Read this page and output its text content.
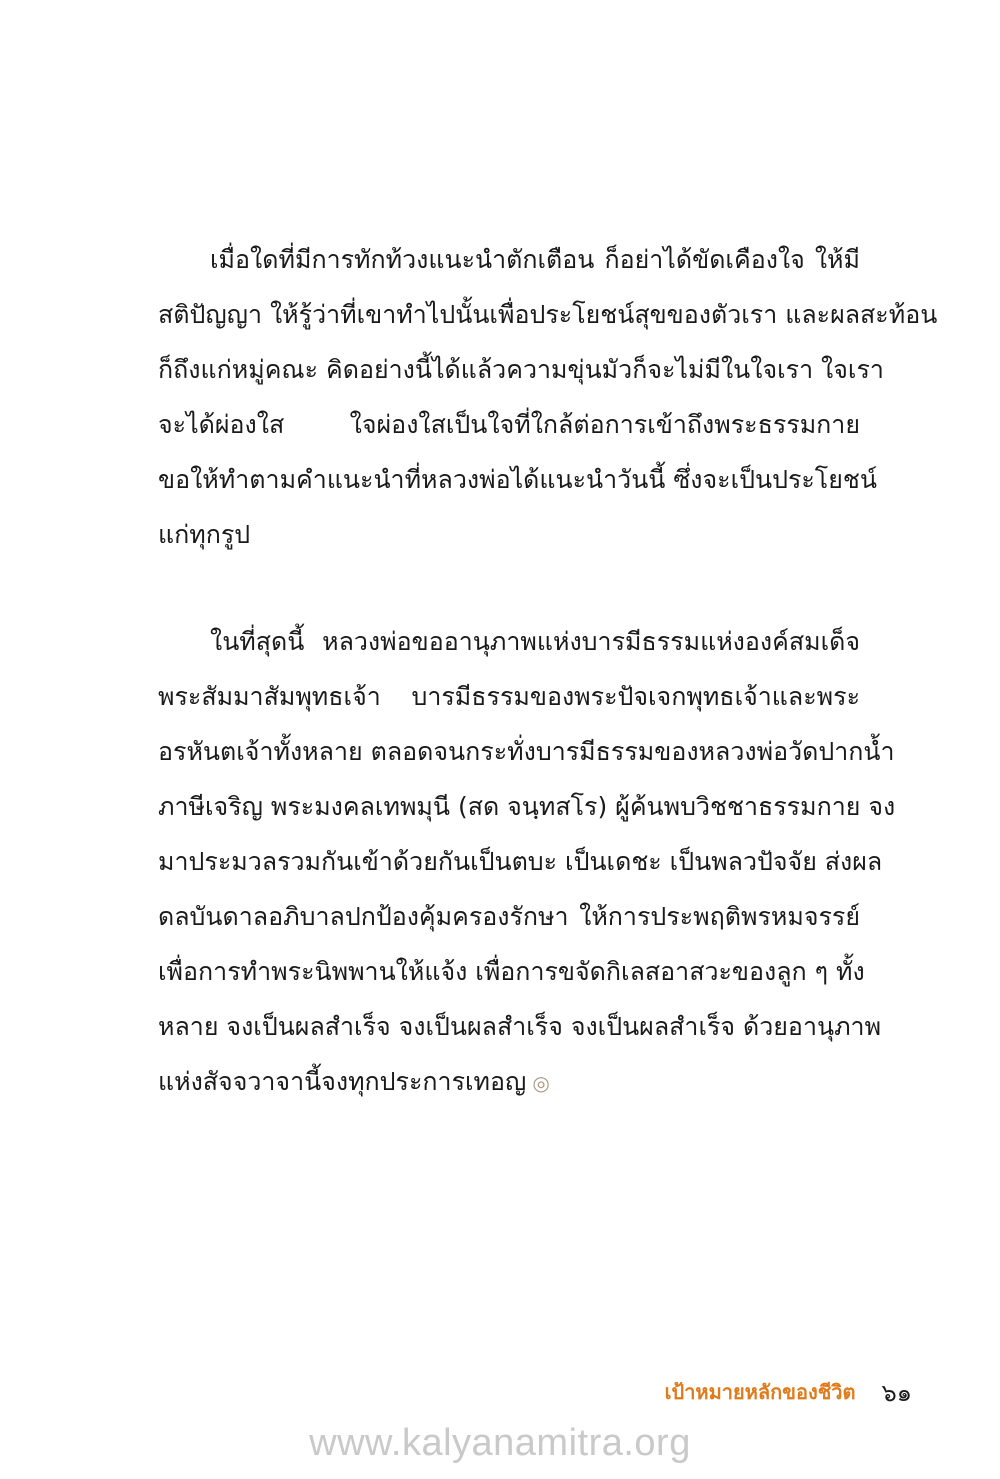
เมื่อใดที่มีการทักท้วงแนะนำตักเตือน ก็อย่าได้ขัดเคืองใจ ให้มี
สติปัญญา ให้รู้ว่าที่เขาทำไปนั้นเพื่อประโยชน์สุขของตัวเรา และผลสะท้อน
ก็ถึงแก่หมู่คณะ คิดอย่างนี้ได้แล้วความขุ่นมัวก็จะไม่มีในใจเรา ใจเรา
จะได้ผ่องใส ใจผ่องใสเป็นใจที่ใกล้ต่อการเข้าถึงพระธรรมกาย
ขอให้ทำตามคำแนะนำที่หลวงพ่อได้แนะนำวันนี้ ซึ่งจะเป็นประโยชน์
แก่ทุกรูป

ในที่สุดนี้ หลวงพ่อขออานุภาพแห่งบารมีธรรมแห่งองค์สมเด็จ
พระสัมมาสัมพุทธเจ้า บารมีธรรมของพระปัจเจกพุทธเจ้าและพระ
อรหันตเจ้าทั้งหลาย ตลอดจนกระทั่งบารมีธรรมของหลวงพ่อวัดปากน้ำ
ภาษีเจริญ พระมงคลเทพมุนี (สด จนฺทสโร) ผู้ค้นพบวิชชาธรรมกาย จง
มาประมวลรวมกันเข้าด้วยกันเป็นตบะ เป็นเดชะ เป็นพลวปัจจัย ส่งผล
ดลบันดาลอภิบาลปกป้องคุ้มครองรักษา ให้การประพฤติพรหมจรรย์
เพื่อการทำพระนิพพานให้แจ้ง เพื่อการขจัดกิเลสอาสวะของลูก ๆ ทั้ง
หลาย จงเป็นผลสำเร็จ จงเป็นผลสำเร็จ จงเป็นผลสำเร็จ ด้วยอานุภาพ
แห่งสัจจวาจานี้จงทุกประการเทอญ ◎

เป้าหมายหลักของชีวิต ๖๑
www.kalyanamitra.org
